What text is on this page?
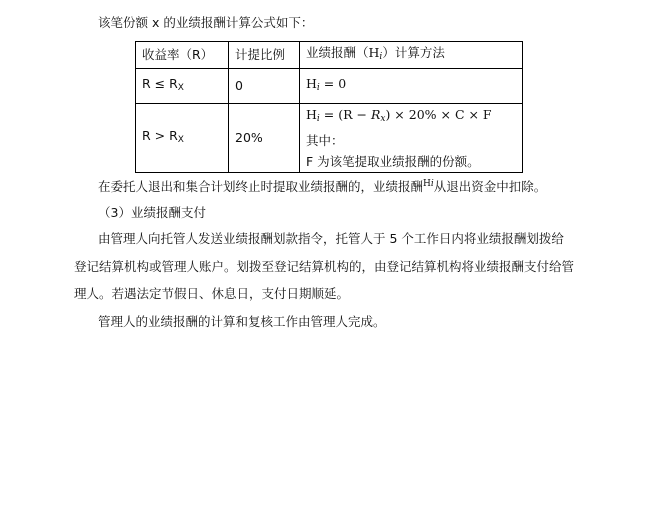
该笔份额 x 的业绩报酬计算公式如下：
收益率（R）	计提比例	业绩报酬$(H_i)$计算方法
$R \le R_X$	0	$H_i = 0$
$R > R_X$	20%	$H_i = (R - R_x) \times 20\% \times C \times F$
其中：
F 为该笔提取业绩报酬的份额。
在委托人退出和集合计划终止时提取业绩报酬的，业绩报酬$^{Hi}$从退出资金中扣除。
（3）业绩报酬支付
由管理人向托管人发送业绩报酬划款指令，托管人于 5 个工作日内将业绩报酬划拨给
登记结算机构或管理人账户。划拨至登记结算机构的，由登记结算机构将业绩报酬支付给管
理人。若遇法定节假日、休息日，支付日期顺延。
管理人的业绩报酬的计算和复核工作由管理人完成。
